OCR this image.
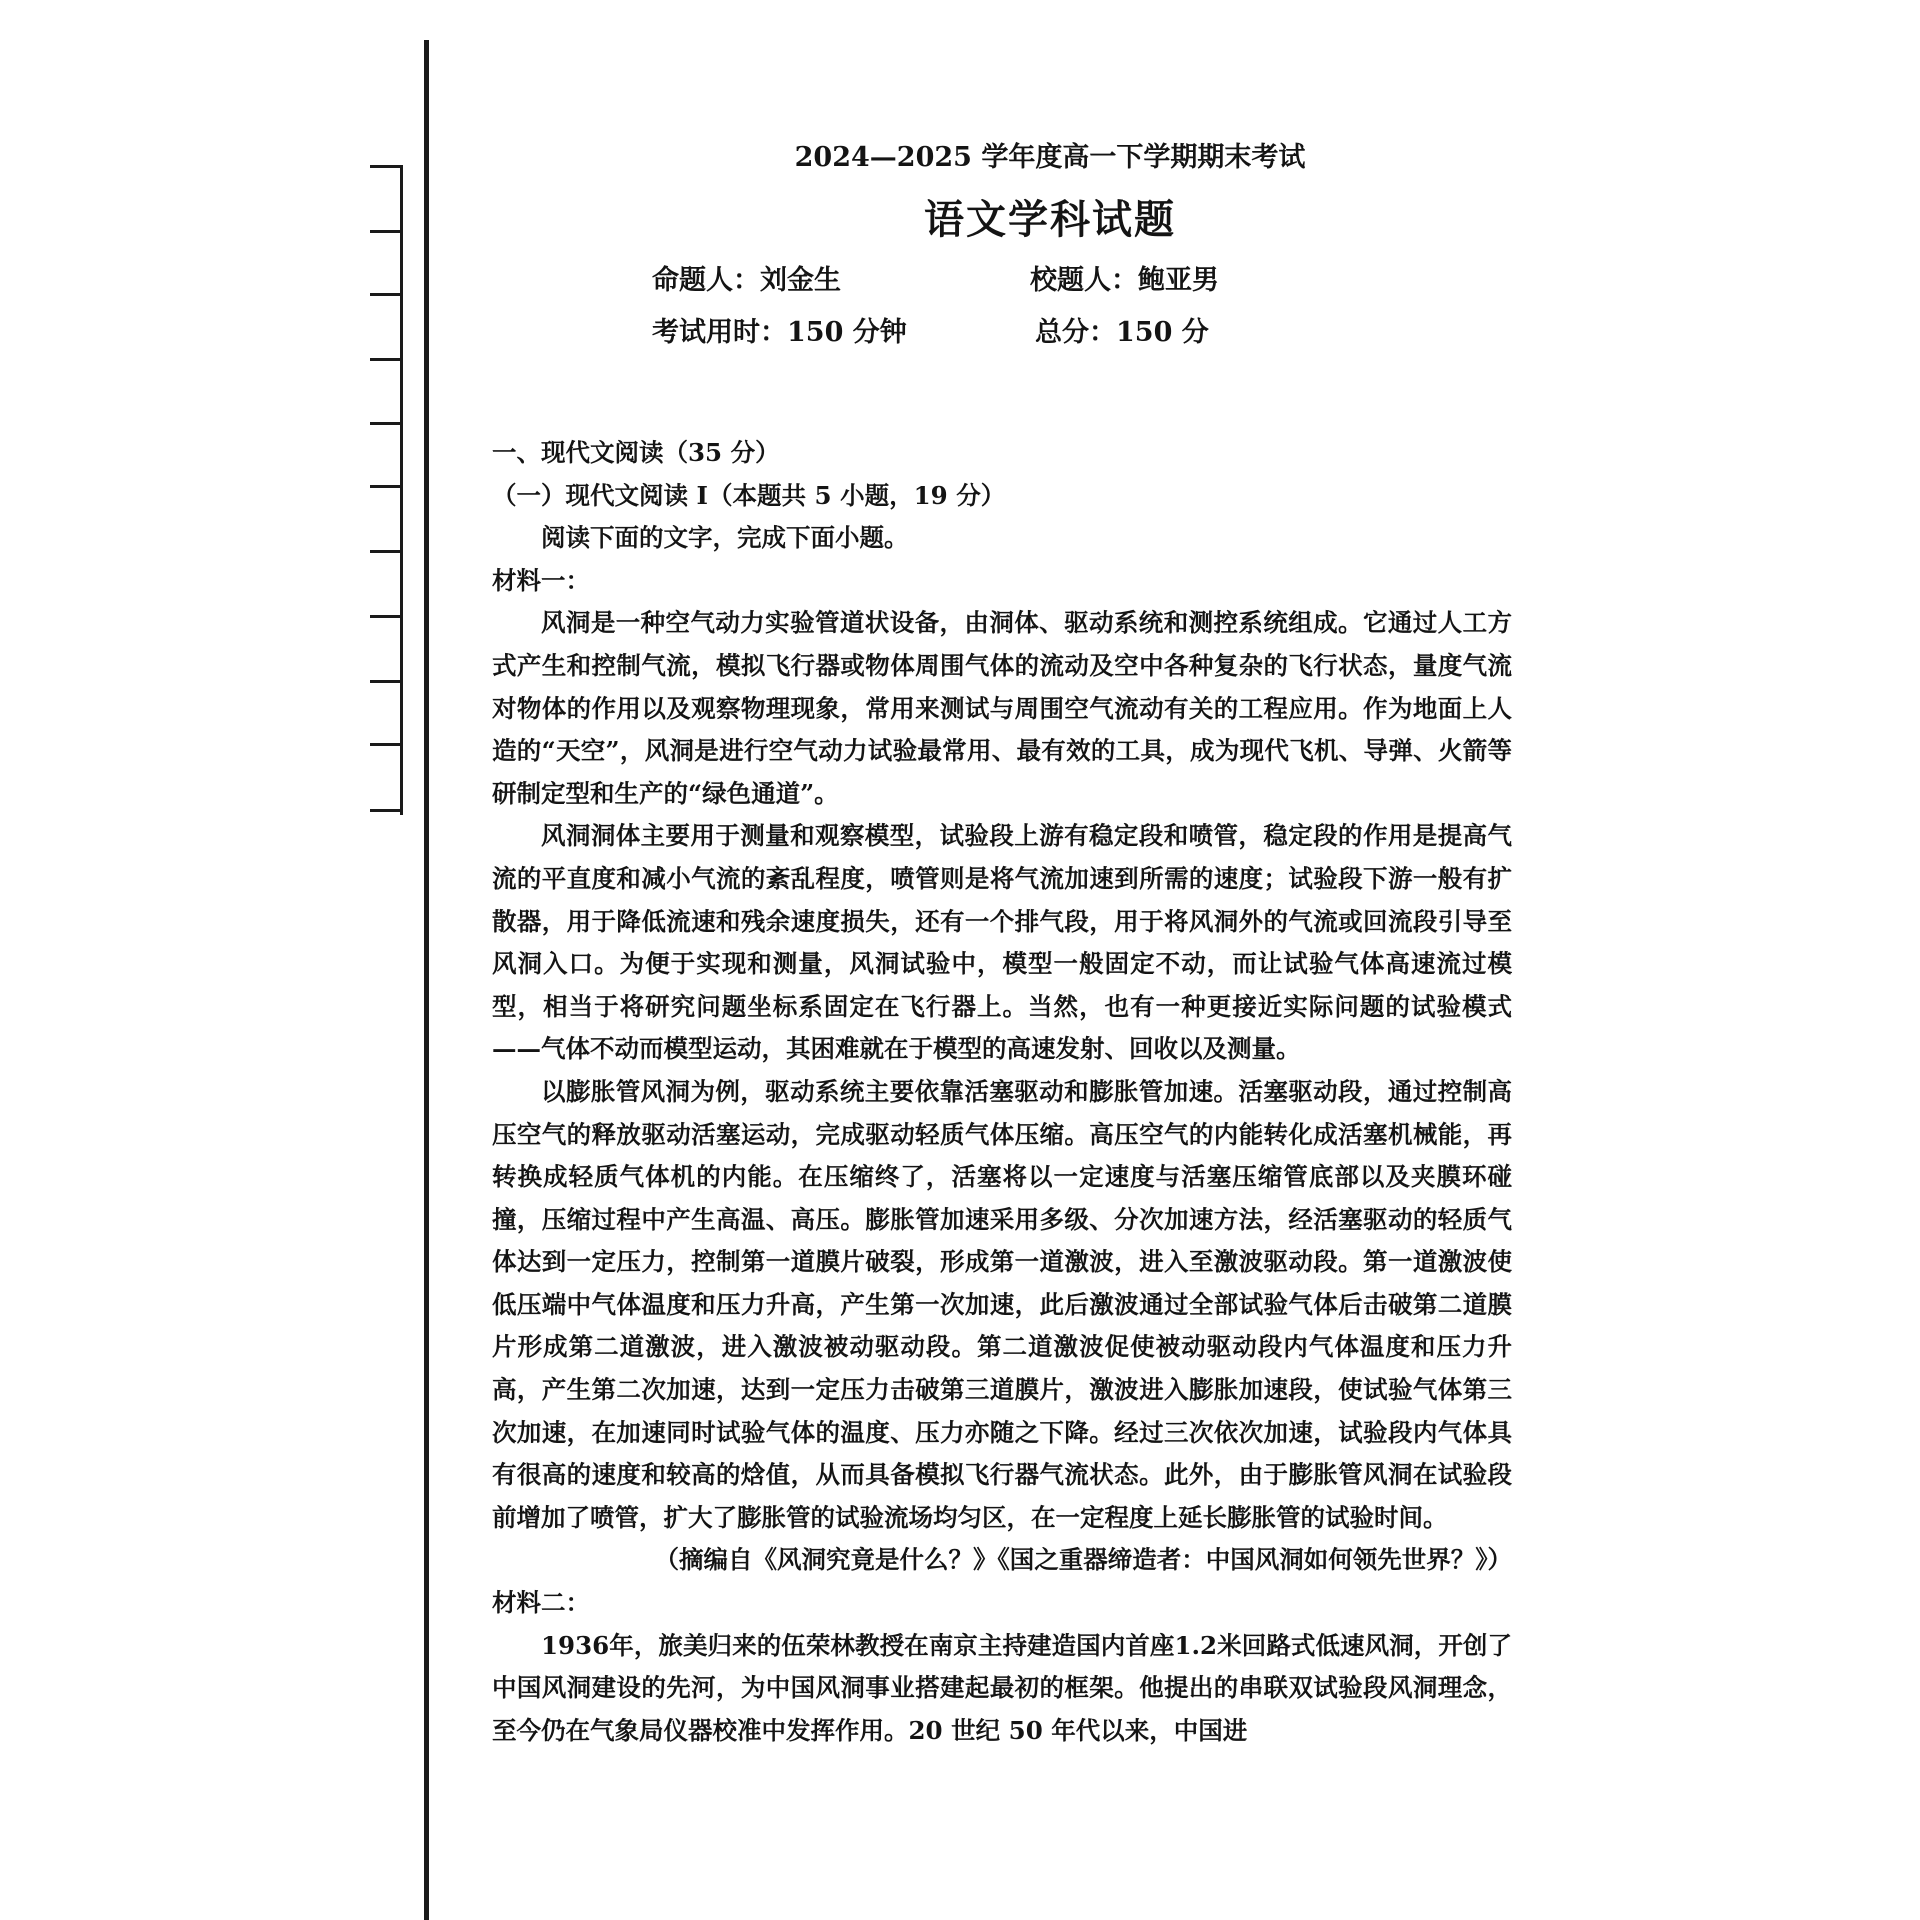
2024—2025 学年度高一下学期期末考试
语文学科试题
命题人：刘金生	校题人：鲍亚男
考试用时：150 分钟	总分：150 分

一、现代文阅读（35 分）

（一）现代文阅读 I（本题共 5 小题，19 分）

阅读下面的文字，完成下面小题。

材料一：

风洞是一种空气动力实验管道状设备，由洞体、驱动系统和测控系统组成。它通过人工方式产生和控制气流，模拟飞行器或物体周围气体的流动及空中各种复杂的飞行状态，量度气流对物体的作用以及观察物理现象，常用来测试与周围空气流动有关的工程应用。作为地面上人造的“天空”，风洞是进行空气动力试验最常用、最有效的工具，成为现代飞机、导弹、火箭等研制定型和生产的“绿色通道”。

风洞洞体主要用于测量和观察模型，试验段上游有稳定段和喷管，稳定段的作用是提高气流的平直度和减小气流的紊乱程度，喷管则是将气流加速到所需的速度；试验段下游一般有扩散器，用于降低流速和残余速度损失，还有一个排气段，用于将风洞外的气流或回流段引导至风洞入口。为便于实现和测量，风洞试验中，模型一般固定不动，而让试验气体高速流过模型，相当于将研究问题坐标系固定在飞行器上。当然，也有一种更接近实际问题的试验模式——气体不动而模型运动，其困难就在于模型的高速发射、回收以及测量。

以膨胀管风洞为例，驱动系统主要依靠活塞驱动和膨胀管加速。活塞驱动段，通过控制高压空气的释放驱动活塞运动，完成驱动轻质气体压缩。高压空气的内能转化成活塞机械能，再转换成轻质气体机的内能。在压缩终了，活塞将以一定速度与活塞压缩管底部以及夹膜环碰撞，压缩过程中产生高温、高压。膨胀管加速采用多级、分次加速方法，经活塞驱动的轻质气体达到一定压力，控制第一道膜片破裂，形成第一道激波，进入至激波驱动段。第一道激波使低压端中气体温度和压力升高，产生第一次加速，此后激波通过全部试验气体后击破第二道膜片形成第二道激波，进入激波被动驱动段。第二道激波促使被动驱动段内气体温度和压力升高，产生第二次加速，达到一定压力击破第三道膜片，激波进入膨胀加速段，使试验气体第三次加速，在加速同时试验气体的温度、压力亦随之下降。经过三次依次加速，试验段内气体具有很高的速度和较高的焓值，从而具备模拟飞行器气流状态。此外，由于膨胀管风洞在试验段前增加了喷管，扩大了膨胀管的试验流场均匀区，在一定程度上延长膨胀管的试验时间。

（摘编自《风洞究竟是什么？》《国之重器缔造者：中国风洞如何领先世界？》）

材料二：

1936年，旅美归来的伍荣林教授在南京主持建造国内首座1.2米回路式低速风洞，开创了中国风洞建设的先河，为中国风洞事业搭建起最初的框架。他提出的串联双试验段风洞理念，至今仍在气象局仪器校准中发挥作用。20 世纪 50 年代以来，中国进
